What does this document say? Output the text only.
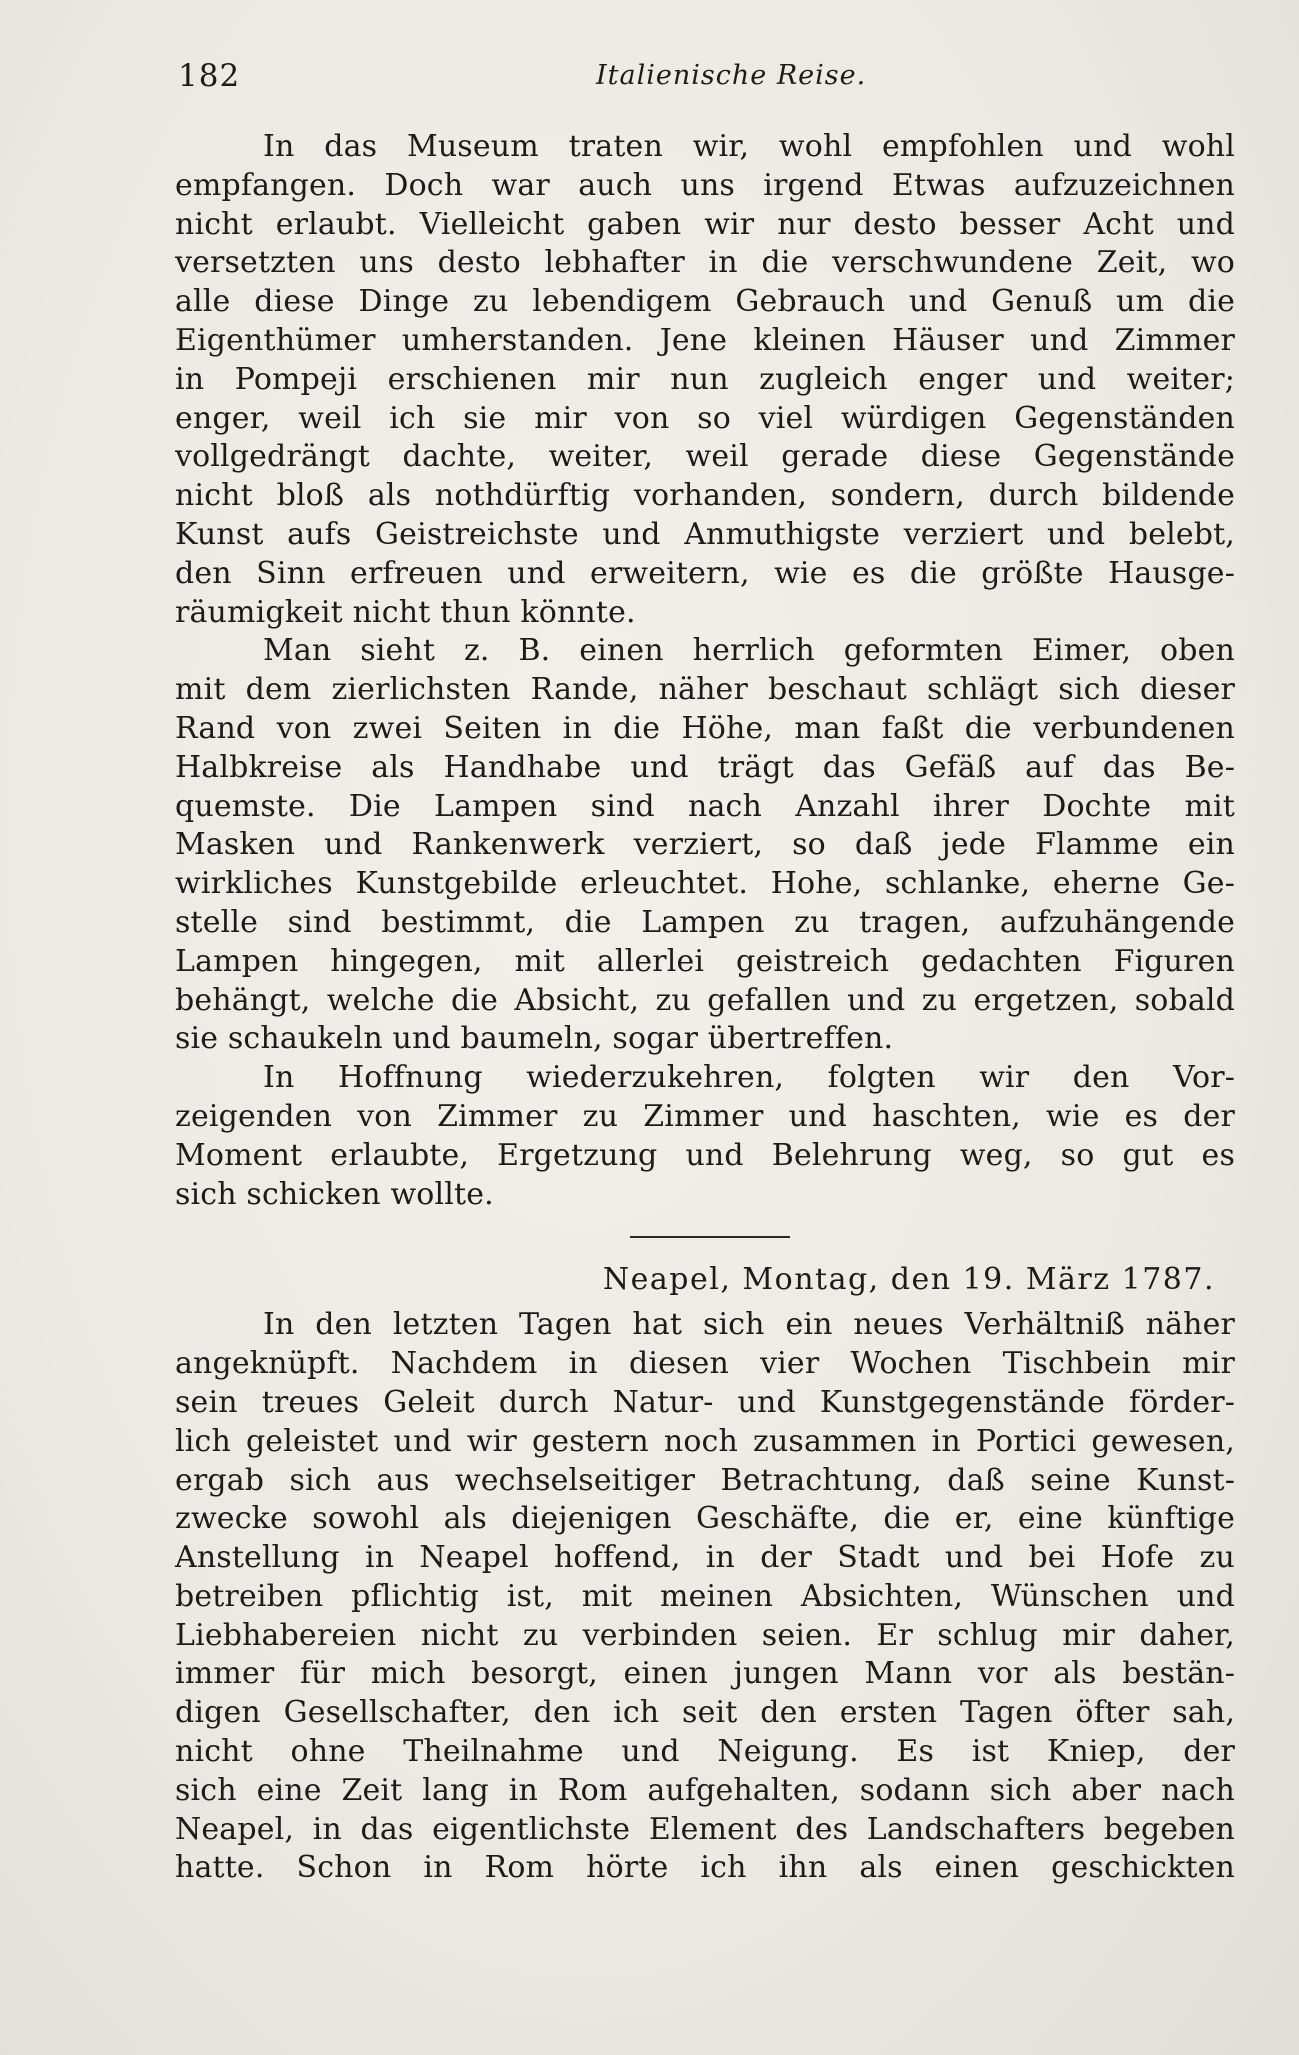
182	Italienische Reise.
In das Museum traten wir, wohl empfohlen und wohl
empfangen. Doch war auch uns irgend Etwas aufzuzeichnen
nicht erlaubt. Vielleicht gaben wir nur desto besser Acht und
versetzten uns desto lebhafter in die verschwundene Zeit, wo
alle diese Dinge zu lebendigem Gebrauch und Genuß um die
Eigenthümer umherstanden. Jene kleinen Häuser und Zimmer
in Pompeji erschienen mir nun zugleich enger und weiter;
enger, weil ich sie mir von so viel würdigen Gegenständen
vollgedrängt dachte, weiter, weil gerade diese Gegenstände
nicht bloß als nothdürftig vorhanden, sondern, durch bildende
Kunst aufs Geistreichste und Anmuthigste verziert und belebt,
den Sinn erfreuen und erweitern, wie es die größte Hausge-
räumigkeit nicht thun könnte.
Man sieht z. B. einen herrlich geformten Eimer, oben
mit dem zierlichsten Rande, näher beschaut schlägt sich dieser
Rand von zwei Seiten in die Höhe, man faßt die verbundenen
Halbkreise als Handhabe und trägt das Gefäß auf das Be-
quemste. Die Lampen sind nach Anzahl ihrer Dochte mit
Masken und Rankenwerk verziert, so daß jede Flamme ein
wirkliches Kunstgebilde erleuchtet. Hohe, schlanke, eherne Ge-
stelle sind bestimmt, die Lampen zu tragen, aufzuhängende
Lampen hingegen, mit allerlei geistreich gedachten Figuren
behängt, welche die Absicht, zu gefallen und zu ergetzen, sobald
sie schaukeln und baumeln, sogar übertreffen.
In Hoffnung wiederzukehren, folgten wir den Vor-
zeigenden von Zimmer zu Zimmer und haschten, wie es der
Moment erlaubte, Ergetzung und Belehrung weg, so gut es
sich schicken wollte.
Neapel, Montag, den 19. März 1787.
In den letzten Tagen hat sich ein neues Verhältniß näher
angeknüpft. Nachdem in diesen vier Wochen Tischbein mir
sein treues Geleit durch Natur- und Kunstgegenstände förder-
lich geleistet und wir gestern noch zusammen in Portici gewesen,
ergab sich aus wechselseitiger Betrachtung, daß seine Kunst-
zwecke sowohl als diejenigen Geschäfte, die er, eine künftige
Anstellung in Neapel hoffend, in der Stadt und bei Hofe zu
betreiben pflichtig ist, mit meinen Absichten, Wünschen und
Liebhabereien nicht zu verbinden seien. Er schlug mir daher,
immer für mich besorgt, einen jungen Mann vor als bestän-
digen Gesellschafter, den ich seit den ersten Tagen öfter sah,
nicht ohne Theilnahme und Neigung. Es ist Kniep, der
sich eine Zeit lang in Rom aufgehalten, sodann sich aber nach
Neapel, in das eigentlichste Element des Landschafters begeben
hatte. Schon in Rom hörte ich ihn als einen geschickten
